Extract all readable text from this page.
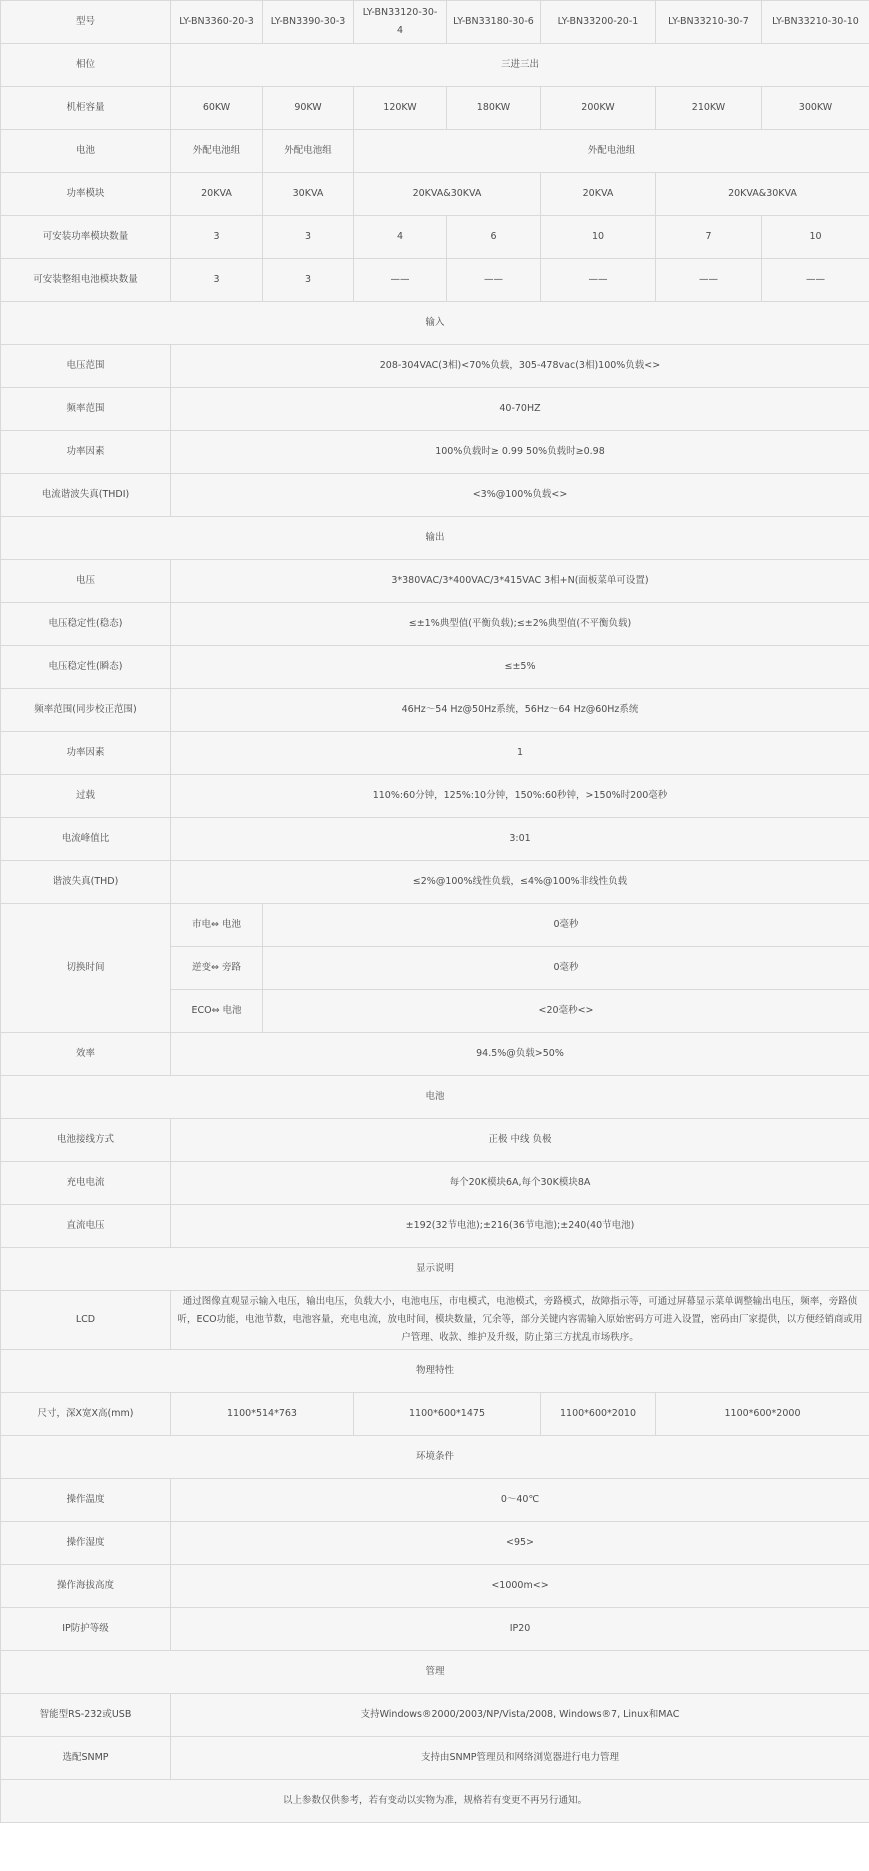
型号	LY-BN3360-20-3	LY-BN3390-30-3	LY-BN33120-30-4	LY-BN33180-30-6	LY-BN33200-20-1	LY-BN33210-30-7	LY-BN33210-30-10
相位	三进三出						
机柜容量	60KW	90KW	120KW	180KW	200KW	210KW	300KW
电池	外配电池组	外配电池组	外配电池组				
功率模块	20KVA	30KVA	20KVA&30KVA		20KVA	20KVA&30KVA	
可安装功率模块数量	3	3	4	6	10	7	10
可安装整组电池模块数量	3	3	——	——	——	——	——
输入							
电压范围	208-304VAC(3相)<70%负载，305-478vac(3相)100%负载<>						
频率范围	40-70HZ						
功率因素	100%负载时≥ 0.99 50%负载时≥0.98						
电流谐波失真(THDI)	<3%@100%负载<>						
输出							
电压	3*380VAC/3*400VAC/3*415VAC 3相+N(面板菜单可设置)						
电压稳定性(稳态)	≤±1%典型值(平衡负载);≤±2%典型值(不平衡负载)						
电压稳定性(瞬态)	≤±5%						
频率范围(同步校正范围)	46Hz～54 Hz@50Hz系统，56Hz～64 Hz@60Hz系统						
功率因素	1						
过载	110%:60分钟，125%:10分钟，150%:60秒钟，>150%时200毫秒						
电流峰值比	3:01						
谐波失真(THD)	≤2%@100%线性负载，≤4%@100%非线性负载						
切换时间	市电⇔ 电池	0毫秒					
	逆变⇔ 旁路	0毫秒					
	ECO⇔ 电池	<20毫秒<>					
效率	94.5%@负载>50%						
电池							
电池接线方式	正极 中线 负极						
充电电流	每个20K模块6A,每个30K模块8A						
直流电压	±192(32节电池);±216(36节电池);±240(40节电池)						
显示说明							
LCD	通过图像直观显示输入电压，输出电压，负载大小，电池电压，市电模式，电池模式，旁路模式，故障指示等，可通过屏幕显示菜单调整输出电压，频率，旁路侦听，ECO功能，电池节数，电池容量，充电电流，放电时间，模块数量，冗余等，部分关键内容需输入原始密码方可进入设置，密码由厂家提供，以方便经销商或用户管理、收款、维护及升级，防止第三方扰乱市场秩序。						
物理特性							
尺寸，深X宽X高(mm)	1100*514*763		1100*600*1475		1100*600*2010	1100*600*2000	
环境条件							
操作温度	0～40℃						
操作湿度	<95>						
操作海拔高度	<1000m<>						
IP防护等级	IP20						
管理							
智能型RS-232或USB	支持Windows®2000/2003/NP/Vista/2008, Windows®7, Linux和MAC						
选配SNMP	支持由SNMP管理员和网络浏览器进行电力管理						
以上参数仅供参考，若有变动以实物为准，规格若有变更不再另行通知。							
